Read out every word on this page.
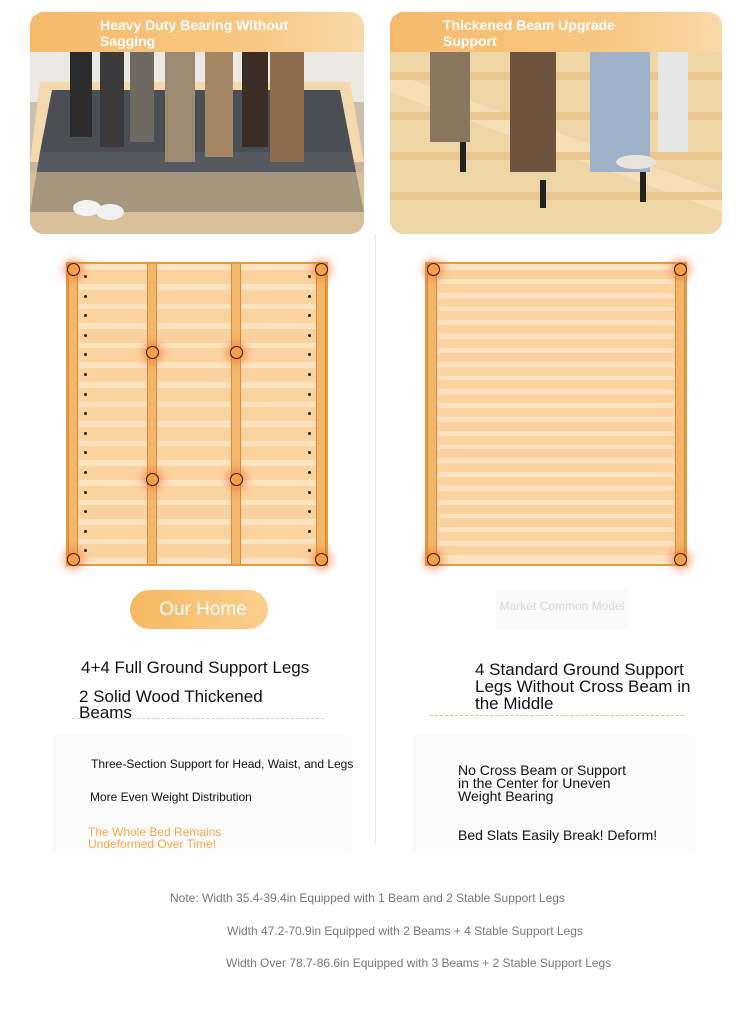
Heavy Duty Bearing Without Sagging
Thickened Beam Upgrade Support
Our Home	Market Common Model
4+4 Full Ground Support Legs
2 Solid Wood Thickened Beams
4 Standard Ground Support Legs Without Cross Beam in the Middle
Three-Section Support for Head, Waist, and Legs
More Even Weight Distribution
The Whole Bed Remains Undeformed Over Time!
No Cross Beam or Support in the Center for Uneven Weight Bearing
Bed Slats Easily Break! Deform!
Note: Width 35.4-39.4in Equipped with 1 Beam and 2 Stable Support Legs
Width 47.2-70.9in Equipped with 2 Beams + 4 Stable Support Legs
Width Over 78.7-86.6in Equipped with 3 Beams + 2 Stable Support Legs
